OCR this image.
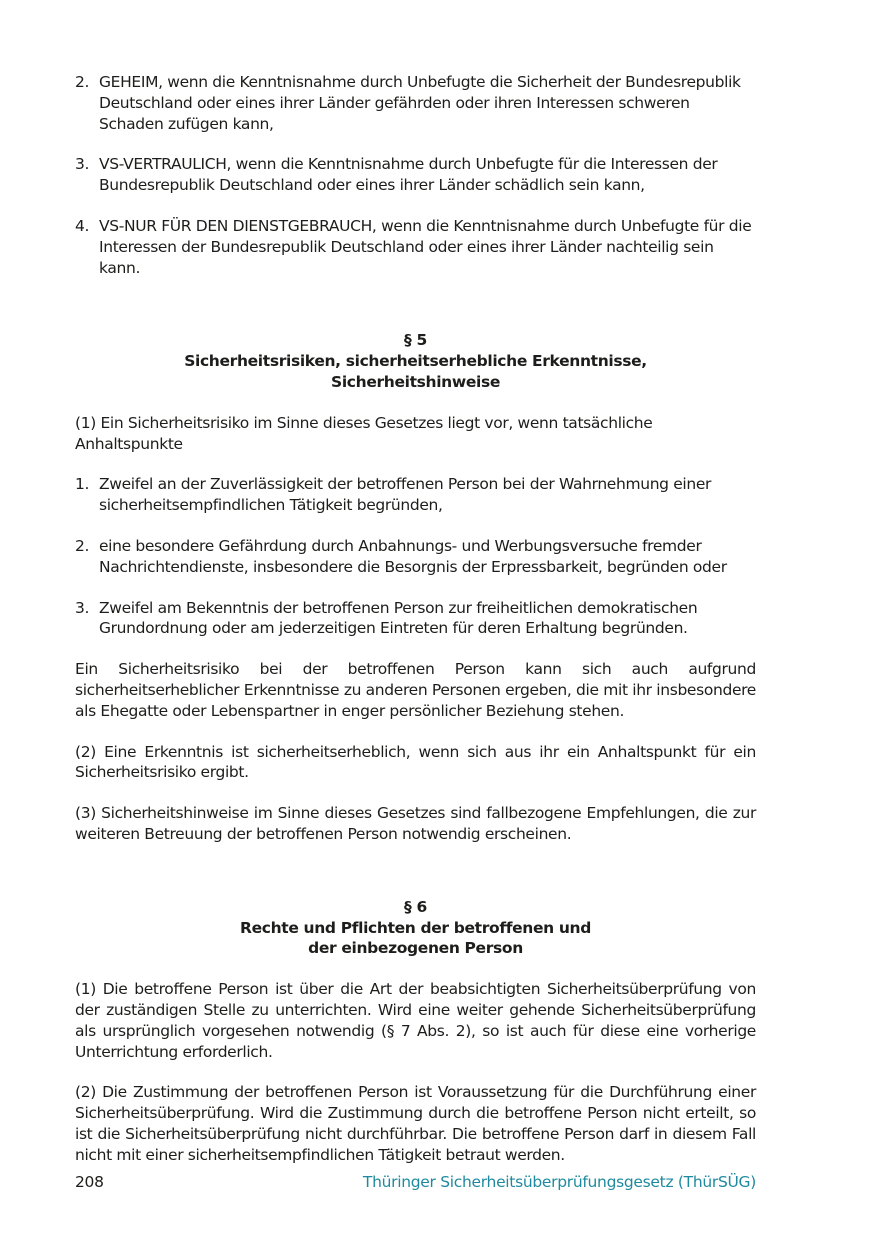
2. GEHEIM, wenn die Kenntnisnahme durch Unbefugte die Sicherheit der Bundesrepublik Deutschland oder eines ihrer Länder gefährden oder ihren Interessen schweren Schaden zufügen kann,
3. VS-VERTRAULICH, wenn die Kenntnisnahme durch Unbefugte für die Interessen der Bundesrepublik Deutschland oder eines ihrer Länder schädlich sein kann,
4. VS-NUR FÜR DEN DIENSTGEBRAUCH, wenn die Kenntnisnahme durch Unbefugte für die Interessen der Bundesrepublik Deutschland oder eines ihrer Länder nachteilig sein kann.
§ 5
Sicherheitsrisiken, sicherheitserhebliche Erkenntnisse,
Sicherheitshinweise
(1) Ein Sicherheitsrisiko im Sinne dieses Gesetzes liegt vor, wenn tatsächliche Anhaltspunkte
1. Zweifel an der Zuverlässigkeit der betroffenen Person bei der Wahrnehmung einer sicherheitsempfindlichen Tätigkeit begründen,
2. eine besondere Gefährdung durch Anbahnungs- und Werbungsversuche fremder Nachrichtendienste, insbesondere die Besorgnis der Erpressbarkeit, begründen oder
3. Zweifel am Bekenntnis der betroffenen Person zur freiheitlichen demokratischen Grundordnung oder am jederzeitigen Eintreten für deren Erhaltung begründen.
Ein Sicherheitsrisiko bei der betroffenen Person kann sich auch aufgrund sicherheitserheblicher Erkenntnisse zu anderen Personen ergeben, die mit ihr insbesondere als Ehegatte oder Lebenspartner in enger persönlicher Beziehung stehen.
(2) Eine Erkenntnis ist sicherheitserheblich, wenn sich aus ihr ein Anhaltspunkt für ein Sicherheitsrisiko ergibt.
(3) Sicherheitshinweise im Sinne dieses Gesetzes sind fallbezogene Empfehlungen, die zur weiteren Betreuung der betroffenen Person notwendig erscheinen.
§ 6
Rechte und Pflichten der betroffenen und
der einbezogenen Person
(1) Die betroffene Person ist über die Art der beabsichtigten Sicherheitsüberprüfung von der zuständigen Stelle zu unterrichten. Wird eine weiter gehende Sicherheitsüberprüfung als ursprünglich vorgesehen notwendig (§ 7 Abs. 2), so ist auch für diese eine vorherige Unterrichtung erforderlich.
(2) Die Zustimmung der betroffenen Person ist Voraussetzung für die Durchführung einer Sicherheitsüberprüfung. Wird die Zustimmung durch die betroffene Person nicht erteilt, so ist die Sicherheitsüberprüfung nicht durchführbar. Die betroffene Person darf in diesem Fall nicht mit einer sicherheitsempfindlichen Tätigkeit betraut werden.
208	Thüringer Sicherheitsüberprüfungsgesetz (ThürSÜG)
